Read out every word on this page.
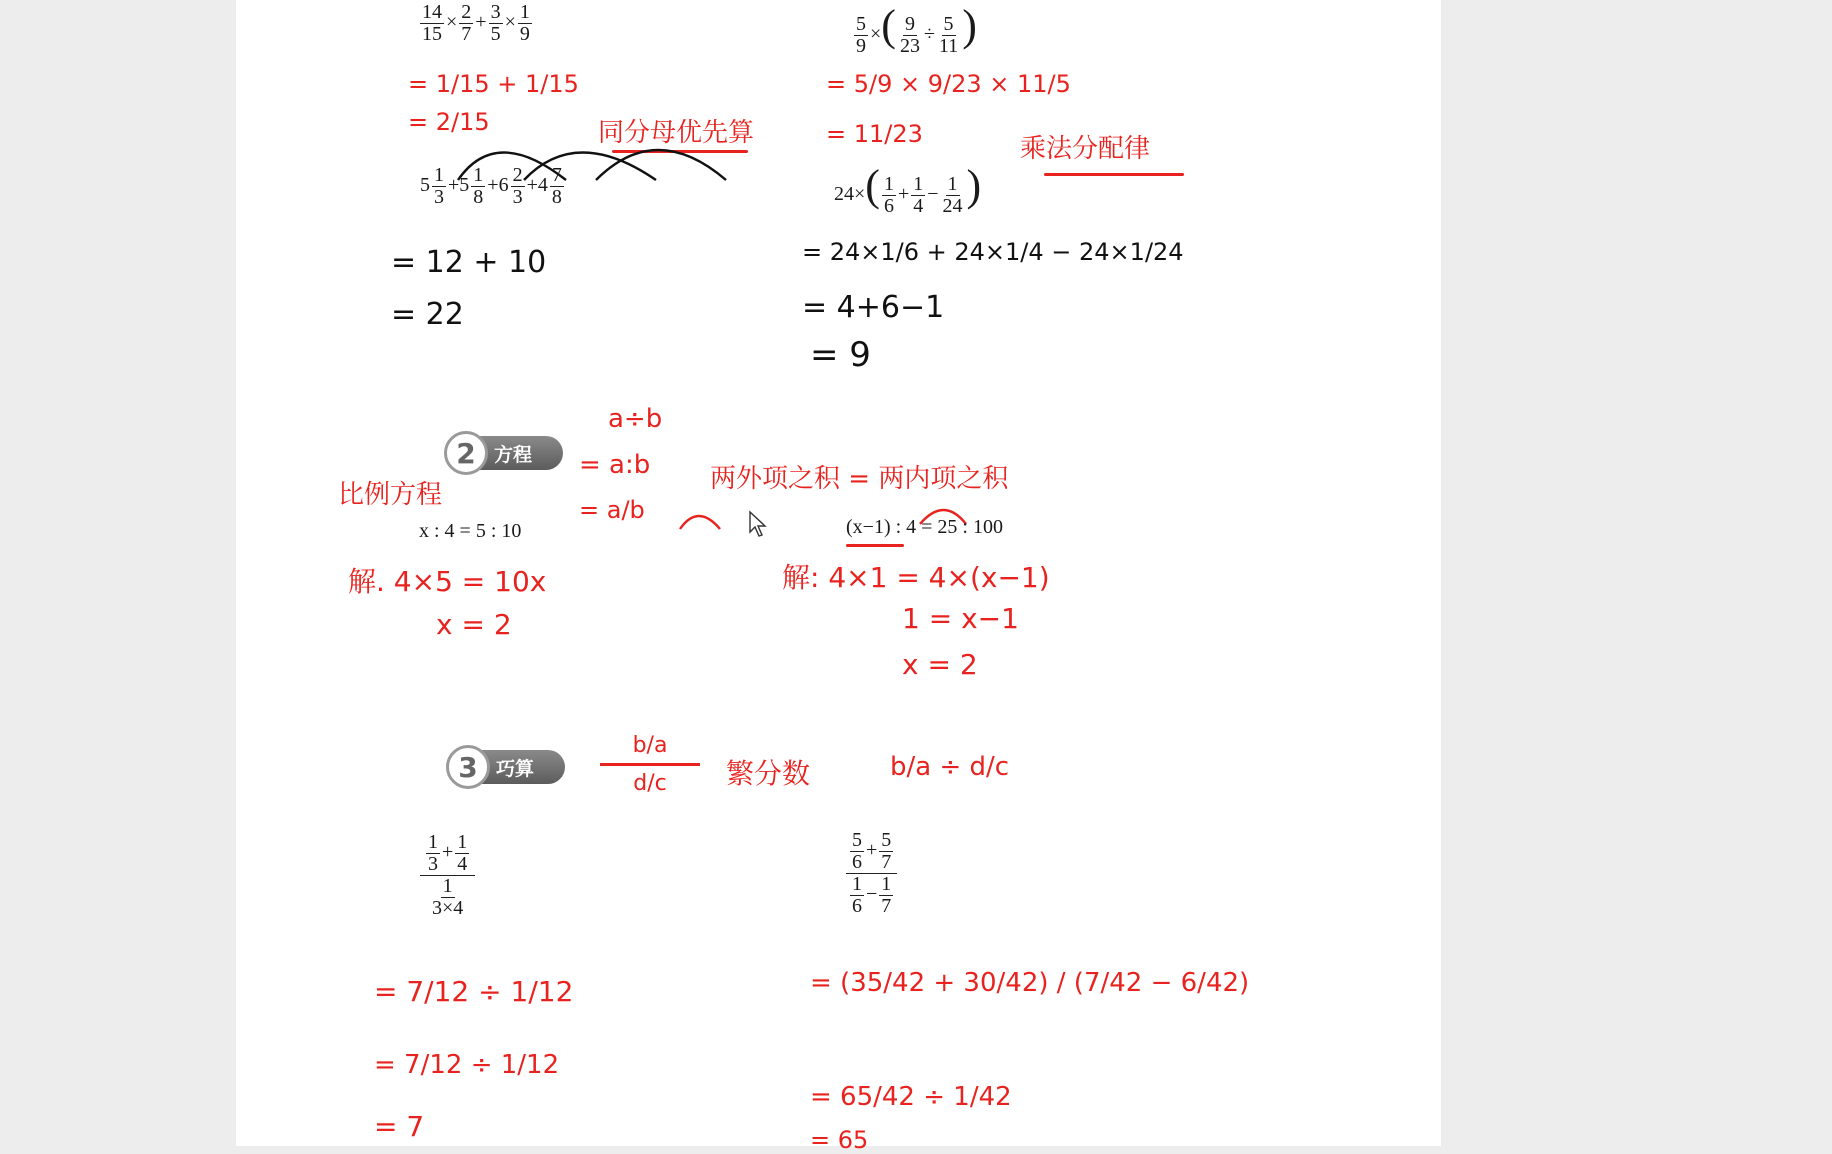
$\frac{14}{15} \times \frac{2}{7} + \frac{3}{5} \times \frac{1}{9}$
= 1/15 + 1/15
= 2/15	同分母优先算
$5 \frac{1}{3} +5 \frac{1}{8} +6 \frac{2}{3} +4 \frac{7}{8}$
= 12 + 10
= 22
$\frac{5}{9}$ ×( $\frac{9}{23} \div \frac{5}{11}$ )
= 5/9 × 9/23 × 11/5
= 11/23	乘法分配律
$24\times( \frac{1}{6} + \frac{1}{4} - \frac{1}{24}$ )
= 24×1/6 + 24×1/4 − 24×1/24
= 4+6−1
= 9
2 方程
比例方程
a÷b
= a:b
= a/b
两外项之积 = 两内项之积
x : 4 = 5 : 10
解. 4×5 = 10x
x = 2
(x−1) : 4 = 25 : 100
解: 4×1 = 4×(x−1)
1 = x−1
x = 2
3 巧算
b/a
d/c	繁分数	b/a ÷ d/c
$\frac{\frac{1}{3} + \frac{1}{4}}{\frac{1}{3\times 4}}$
= 7/12 ÷ 1/12
= 7/12 ÷ 1/12
= 7
$\frac{\frac{5}{6} + \frac{5}{7}}{\frac{1}{6} - \frac{1}{7}}$
= (35/42 + 30/42) / (7/42 − 6/42)
= 65/42 ÷ 1/42
= 65
